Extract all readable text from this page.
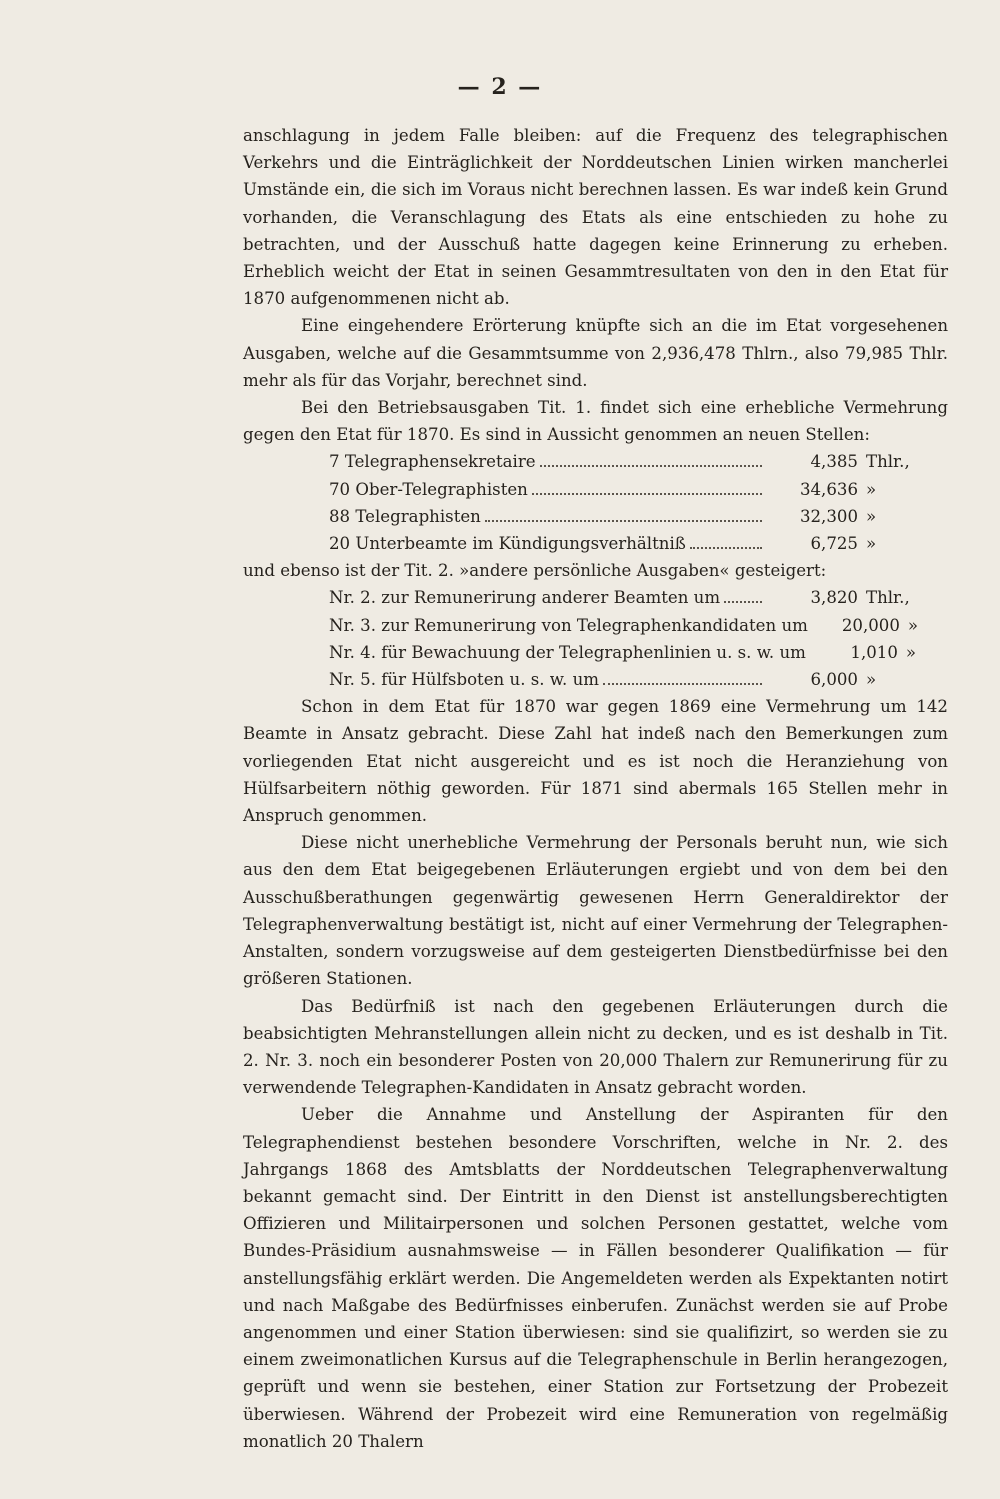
— 2 —

anschlagung in jedem Falle bleiben: auf die Frequenz des telegraphischen Verkehrs und die Einträglichkeit der Norddeutschen Linien wirken mancherlei Umstände ein, die sich im Voraus nicht berechnen lassen. Es war indeß kein Grund vorhanden, die Veranschlagung des Etats als eine entschieden zu hohe zu betrachten, und der Ausschuß hatte dagegen keine Erinnerung zu erheben. Erheblich weicht der Etat in seinen Gesammtresultaten von den in den Etat für 1870 aufgenommenen nicht ab.

Eine eingehendere Erörterung knüpfte sich an die im Etat vorgesehenen Ausgaben, welche auf die Gesammtsumme von 2,936,478 Thlrn., also 79,985 Thlr. mehr als für das Vorjahr, berechnet sind.

Bei den Betriebsausgaben Tit. 1. findet sich eine erhebliche Vermehrung gegen den Etat für 1870. Es sind in Aussicht genommen an neuen Stellen:

7 Telegraphensekretaire	4,385 Thlr.,
70 Ober-Telegraphisten	34,636 »
88 Telegraphisten	32,300 »
20 Unterbeamte im Kündigungsverhältniß	6,725 »

und ebenso ist der Tit. 2. »andere persönliche Ausgaben« gesteigert:

Nr. 2. zur Remunerirung anderer Beamten um	3,820 Thlr.,
Nr. 3. zur Remunerirung von Telegraphenkandidaten um	20,000 »
Nr. 4. für Bewachuung der Telegraphenlinien u. s. w. um	1,010 »
Nr. 5. für Hülfsboten u. s. w. um	6,000 »

Schon in dem Etat für 1870 war gegen 1869 eine Vermehrung um 142 Beamte in Ansatz gebracht. Diese Zahl hat indeß nach den Bemerkungen zum vorliegenden Etat nicht ausgereicht und es ist noch die Heranziehung von Hülfsarbeitern nöthig geworden. Für 1871 sind abermals 165 Stellen mehr in Anspruch genommen.

Diese nicht unerhebliche Vermehrung der Personals beruht nun, wie sich aus den dem Etat beigegebenen Erläuterungen ergiebt und von dem bei den Ausschußberathungen gegenwärtig gewesenen Herrn Generaldirektor der Telegraphenverwaltung bestätigt ist, nicht auf einer Vermehrung der Telegraphen-Anstalten, sondern vorzugsweise auf dem gesteigerten Dienstbedürfnisse bei den größeren Stationen.

Das Bedürfniß ist nach den gegebenen Erläuterungen durch die beabsichtigten Mehranstellungen allein nicht zu decken, und es ist deshalb in Tit. 2. Nr. 3. noch ein besonderer Posten von 20,000 Thalern zur Remunerirung für zu verwendende Telegraphen-Kandidaten in Ansatz gebracht worden.

Ueber die Annahme und Anstellung der Aspiranten für den Telegraphendienst bestehen besondere Vorschriften, welche in Nr. 2. des Jahrgangs 1868 des Amtsblatts der Norddeutschen Telegraphenverwaltung bekannt gemacht sind. Der Eintritt in den Dienst ist anstellungsberechtigten Offizieren und Militairpersonen und solchen Personen gestattet, welche vom Bundes-Präsidium ausnahmsweise — in Fällen besonderer Qualifikation — für anstellungsfähig erklärt werden. Die Angemeldeten werden als Expektanten notirt und nach Maßgabe des Bedürfnisses einberufen. Zunächst werden sie auf Probe angenommen und einer Station überwiesen: sind sie qualifizirt, so werden sie zu einem zweimonatlichen Kursus auf die Telegraphenschule in Berlin herangezogen, geprüft und wenn sie bestehen, einer Station zur Fortsetzung der Probezeit überwiesen. Während der Probezeit wird eine Remuneration von regelmäßig monatlich 20 Thalern
